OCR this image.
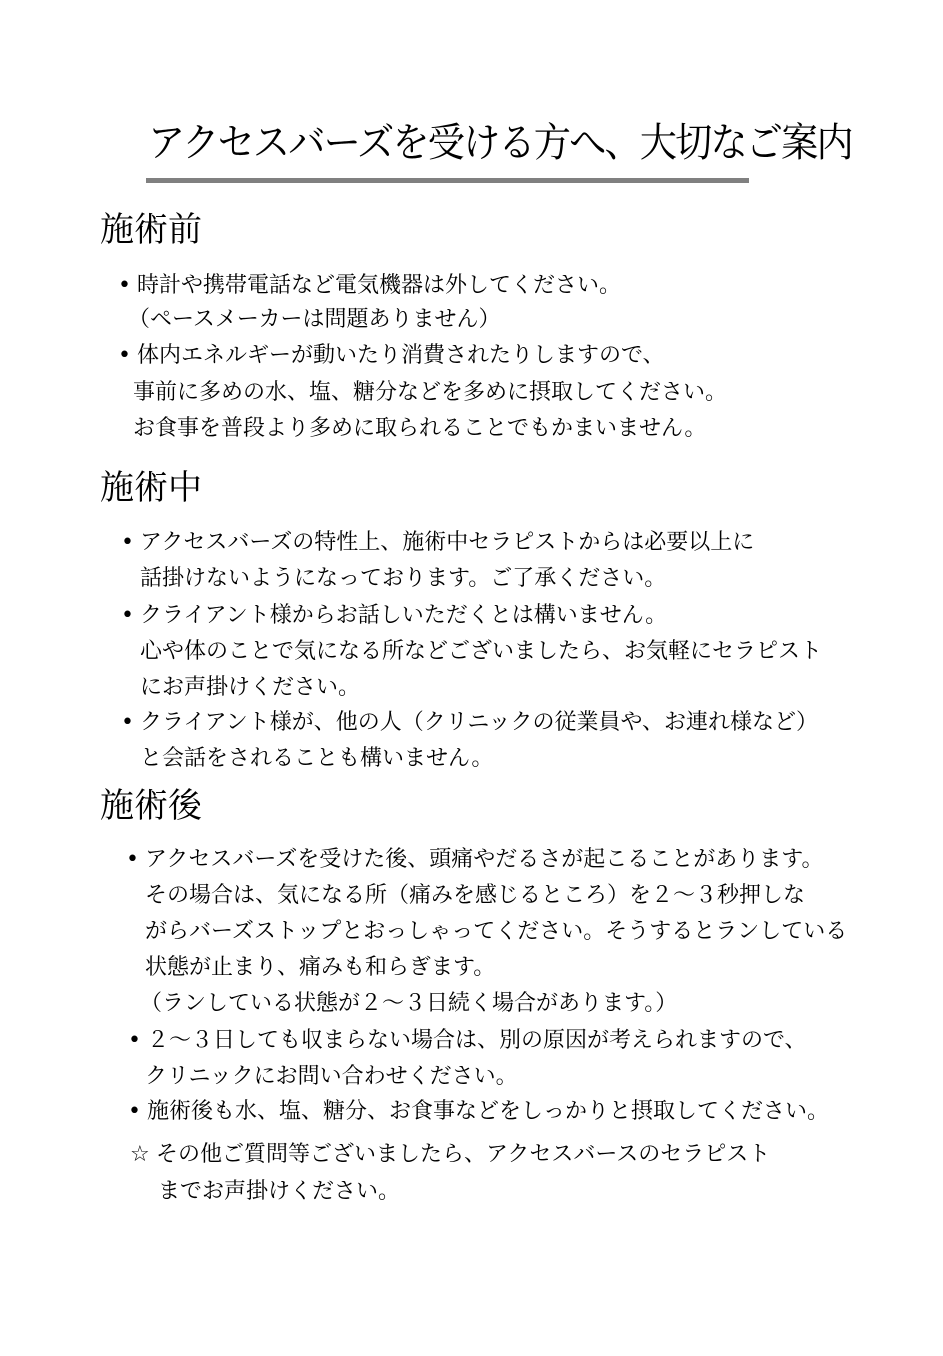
アクセスバーズを受ける方へ、大切なご案内
施術前
• 時計や携帯電話など電気機器は外してください。
（ペースメーカーは問題ありません）
• 体内エネルギーが動いたり消費されたりしますので、
事前に多めの水、塩、糖分などを多めに摂取してください。
お食事を普段より多めに取られることでもかまいません。
施術中
• アクセスバーズの特性上、施術中セラピストからは必要以上に
話掛けないようになっております。ご了承ください。
• クライアント様からお話しいただくとは構いません。
心や体のことで気になる所などございましたら、お気軽にセラピスト
にお声掛けください。
• クライアント様が、他の人（クリニックの従業員や、お連れ様など）
と会話をされることも構いません。
施術後
• アクセスバーズを受けた後、頭痛やだるさが起こることがあります。
その場合は、気になる所（痛みを感じるところ）を２～３秒押しな
がらバーズストップとおっしゃってください。そうするとランしている
状態が止まり、痛みも和らぎます。
（ランしている状態が２～３日続く場合があります。）
• ２～３日しても収まらない場合は、別の原因が考えられますので、
クリニックにお問い合わせください。
• 施術後も水、塩、糖分、お食事などをしっかりと摂取してください。
☆ その他ご質問等ございましたら、アクセスバースのセラピスト
までお声掛けください。
